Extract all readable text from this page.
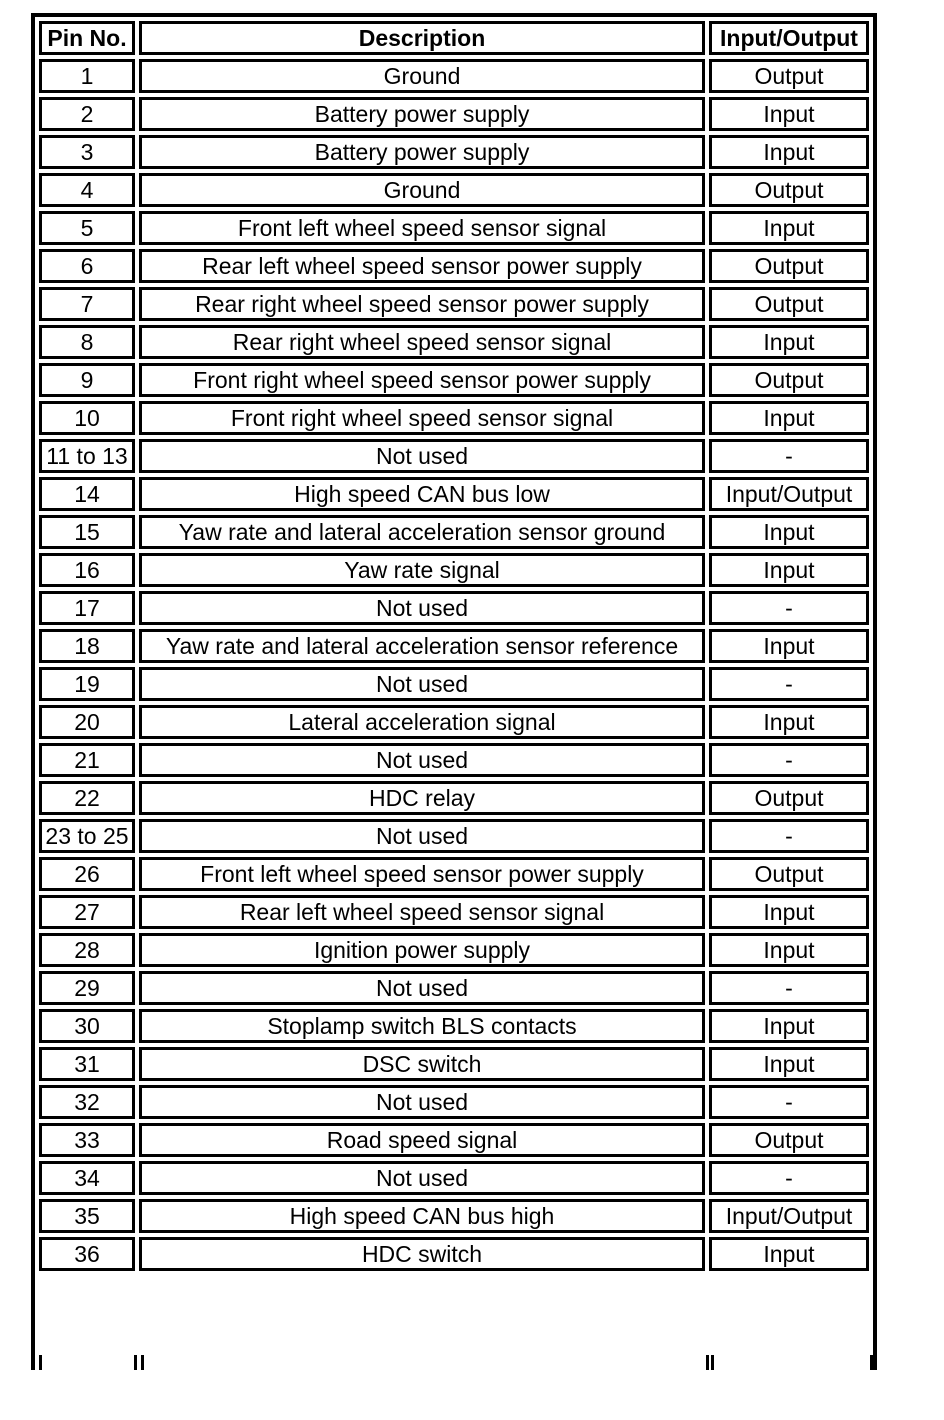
Pin No.	Description	Input/Output
1	Ground	Output
2	Battery power supply	Input
3	Battery power supply	Input
4	Ground	Output
5	Front left wheel speed sensor signal	Input
6	Rear left wheel speed sensor power supply	Output
7	Rear right wheel speed sensor power supply	Output
8	Rear right wheel speed sensor signal	Input
9	Front right wheel speed sensor power supply	Output
10	Front right wheel speed sensor signal	Input
11 to 13	Not used	-
14	High speed CAN bus low	Input/Output
15	Yaw rate and lateral acceleration sensor ground	Input
16	Yaw rate signal	Input
17	Not used	-
18	Yaw rate and lateral acceleration sensor reference	Input
19	Not used	-
20	Lateral acceleration signal	Input
21	Not used	-
22	HDC relay	Output
23 to 25	Not used	-
26	Front left wheel speed sensor power supply	Output
27	Rear left wheel speed sensor signal	Input
28	Ignition power supply	Input
29	Not used	-
30	Stoplamp switch BLS contacts	Input
31	DSC switch	Input
32	Not used	-
33	Road speed signal	Output
34	Not used	-
35	High speed CAN bus high	Input/Output
36	HDC switch	Input
